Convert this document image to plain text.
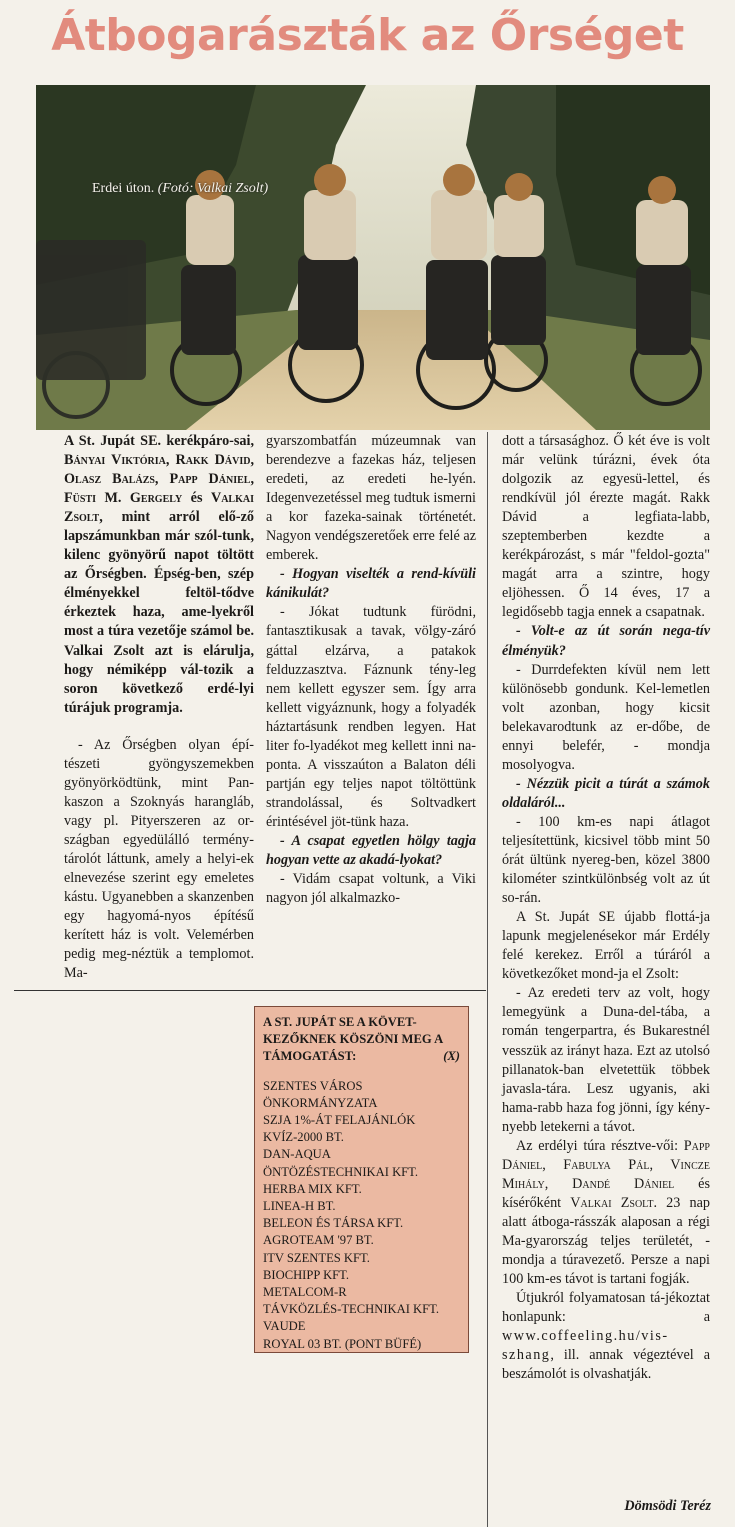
Átbogarászták az Őrséget
Erdei úton. (Fotó: Valkai Zsolt)

A St. Jupát SE. kerékpáro-sai, Bányai Viktória, Rakk Dávid, Olasz Balázs, Papp Dániel, Füsti M. Gergely és Valkai Zsolt, mint arról elő-ző lapszámunkban már szól-tunk, kilenc gyönyörű napot töltött az Őrségben. Épség-ben, szép élményekkel feltöl-tődve érkeztek haza, ame-lyekről most a túra vezetője számol be. Valkai Zsolt azt is elárulja, hogy némiképp vál-tozik a soron következő erdé-lyi túrájuk programja.

- Az Őrségben olyan épí-tészeti gyöngyszemekben gyönyörködtünk, mint Pan-kaszon a Szoknyás harangláb, vagy pl. Pityerszeren az or-szágban egyedülálló termény-tárolót láttunk, amely a helyi-ek elnevezése szerint egy emeletes kástu. Ugyanebben a skanzenben egy hagyomá-nyos építésű kerített ház is volt. Velemérben pedig meg-néztük a templomot. Ma-

gyarszombatfán múzeumnak van berendezve a fazekas ház, teljesen eredeti, az eredeti he-lyén. Idegenvezetéssel meg tudtuk ismerni a kor fazeka-sainak történetét. Nagyon vendégszeretőek erre felé az emberek.

- Hogyan viselték a rend-kívüli kánikulát?

- Jókat tudtunk fürödni, fantasztikusak a tavak, völgy-záró gáttal elzárva, a patakok felduzzasztva. Fáznunk tény-leg nem kellett egyszer sem. Így arra kellett vigyáznunk, hogy a folyadék háztartásunk rendben legyen. Hat liter fo-lyadékot meg kellett inni na-ponta. A visszaúton a Balaton déli partján egy teljes napot töltöttünk strandolással, és Soltvadkert érintésével jöt-tünk haza.

- A csapat egyetlen hölgy tagja hogyan vette az akadá-lyokat?

- Vidám csapat voltunk, a Viki nagyon jól alkalmazko-

A ST. JUPÁT SE A KÖVET-KEZŐKNEK KÖSZÖNI MEG A TÁMOGATÁST:	(X)
SZENTES VÁROS ÖNKORMÁNYZATA
SZJA 1%-ÁT FELAJÁNLÓK
KVÍZ-2000 BT.
DAN-AQUA
ÖNTÖZÉSTECHNIKAI KFT.
HERBA MIX KFT.
LINEA-H BT.
BELEON ÉS TÁRSA KFT.
AGROTEAM '97 BT.
ITV SZENTES KFT.
BIOCHIPP KFT.
METALCOM-R
TÁVKÖZLÉS-TECHNIKAI KFT.
VAUDE
ROYAL 03 BT. (PONT BÜFÉ)

dott a társasághoz. Ő két éve is volt már velünk túrázni, évek óta dolgozik az egyesü-lettel, és rendkívül jól érezte magát. Rakk Dávid a legfiata-labb, szeptemberben kezdte a kerékpározást, s már "feldol-gozta" magát arra a szintre, hogy eljöhessen. Ő 14 éves, 17 a legidősebb tagja ennek a csapatnak.

- Volt-e az út során nega-tív élményük?

- Durrdefekten kívül nem lett különösebb gondunk. Kel-lemetlen volt azonban, hogy kicsit belekavarodtunk az er-dőbe, de ennyi belefér, - mondja mosolyogva.

- Nézzük picit a túrát a számok oldaláról...

- 100 km-es napi átlagot teljesítettünk, kicsivel több mint 50 órát ültünk nyereg-ben, közel 3800 kilométer szintkülönbség volt az út so-rán.

A St. Jupát SE újabb flottá-ja lapunk megjelenésekor már Erdély felé kerekez. Erről a túráról a következőket mond-ja el Zsolt:

- Az eredeti terv az volt, hogy lemegyünk a Duna-del-tába, a román tengerpartra, és Bukarestnél vesszük az irányt haza. Ezt az utolsó pillanatok-ban elvetettük többek javasla-tára. Lesz ugyanis, aki hama-rabb haza fog jönni, így kény-nyebb letekerni a távot.

Az erdélyi túra résztve-vői: Papp Dániel, Fabulya Pál, Vincze Mihály, Dandé Dániel és kísérőként Valkai Zsolt. 23 nap alatt átboga-rásszák alaposan a régi Ma-gyarország teljes területét, - mondja a túravezető. Persze a napi 100 km-es távot is tartani fogják.

Útjukról folyamatosan tá-jékoztat honlapunk: a www.coffeeling.hu/vis-szhang, ill. annak végeztével a beszámolót is olvashatják.

Dömsödi Teréz
